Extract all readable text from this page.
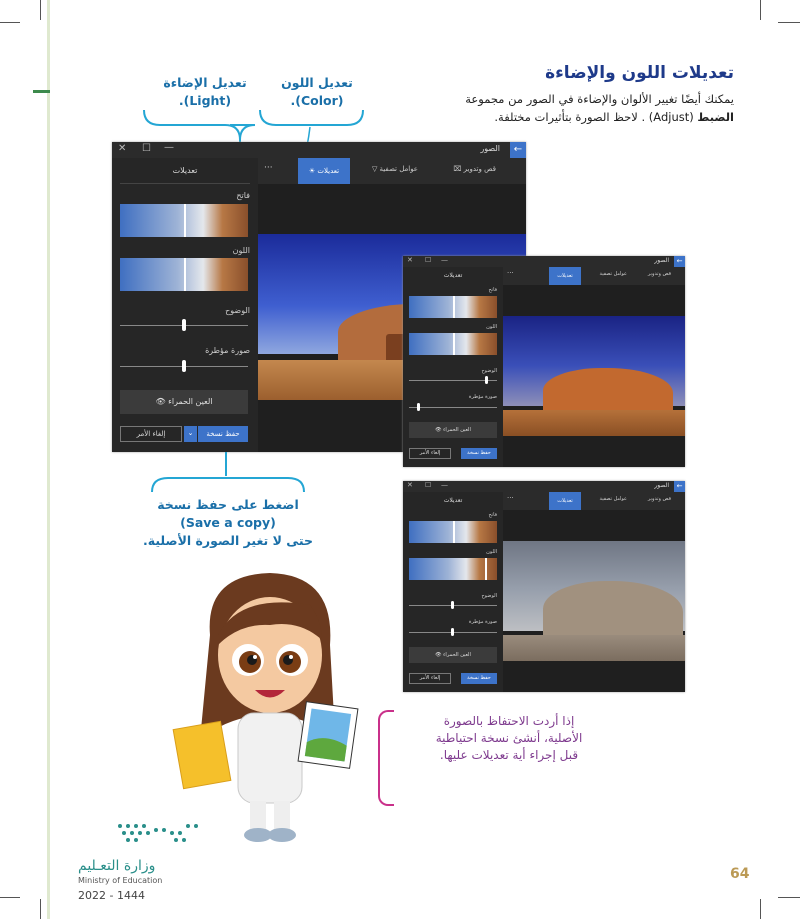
تعديلات اللون والإضاءة
يمكنك أيضًا تغيير الألوان والإضاءة في الصور من مجموعة
الضبط (Adjust) . لاحظ الصورة بتأثيرات مختلفة.
تعديل الإضاءة
.(Light)
تعديل اللون
.(Color)
✕ ☐ —	الصور	←
تعديلات
فاتح
اللون
الوضوح
صورة مؤطرة
👁 العين الحمراء
حفظ نسخة
⌄
إلغاء الأمر
⌧ قص وتدوير
▽ عوامل تصفية
☀ تعديلات
···
✕ ☐ —	الصور	←
تعديلات
فاتح
اللون
الوضوح
صورة مؤطرة
👁 العين الحمراء
حفظ نسخة
إلغاء الأمر
قص وتدوير
عوامل تصفية
تعديلات
···
✕ ☐ —	الصور	←
تعديلات
فاتح
اللون
الوضوح
صورة مؤطرة
👁 العين الحمراء
حفظ نسخة
إلغاء الأمر
قص وتدوير
عوامل تصفية
تعديلات
···
اضغط على حفظ نسخة
(Save a copy)
حتى لا تغير الصورة الأصلية.
إذا أردت الاحتفاظ بالصورة الأصلية، أنشئ نسخة احتياطية قبل إجراء أية تعديلات عليها.
وزارة التعـليم
Ministry of Education
2022 - 1444
64
